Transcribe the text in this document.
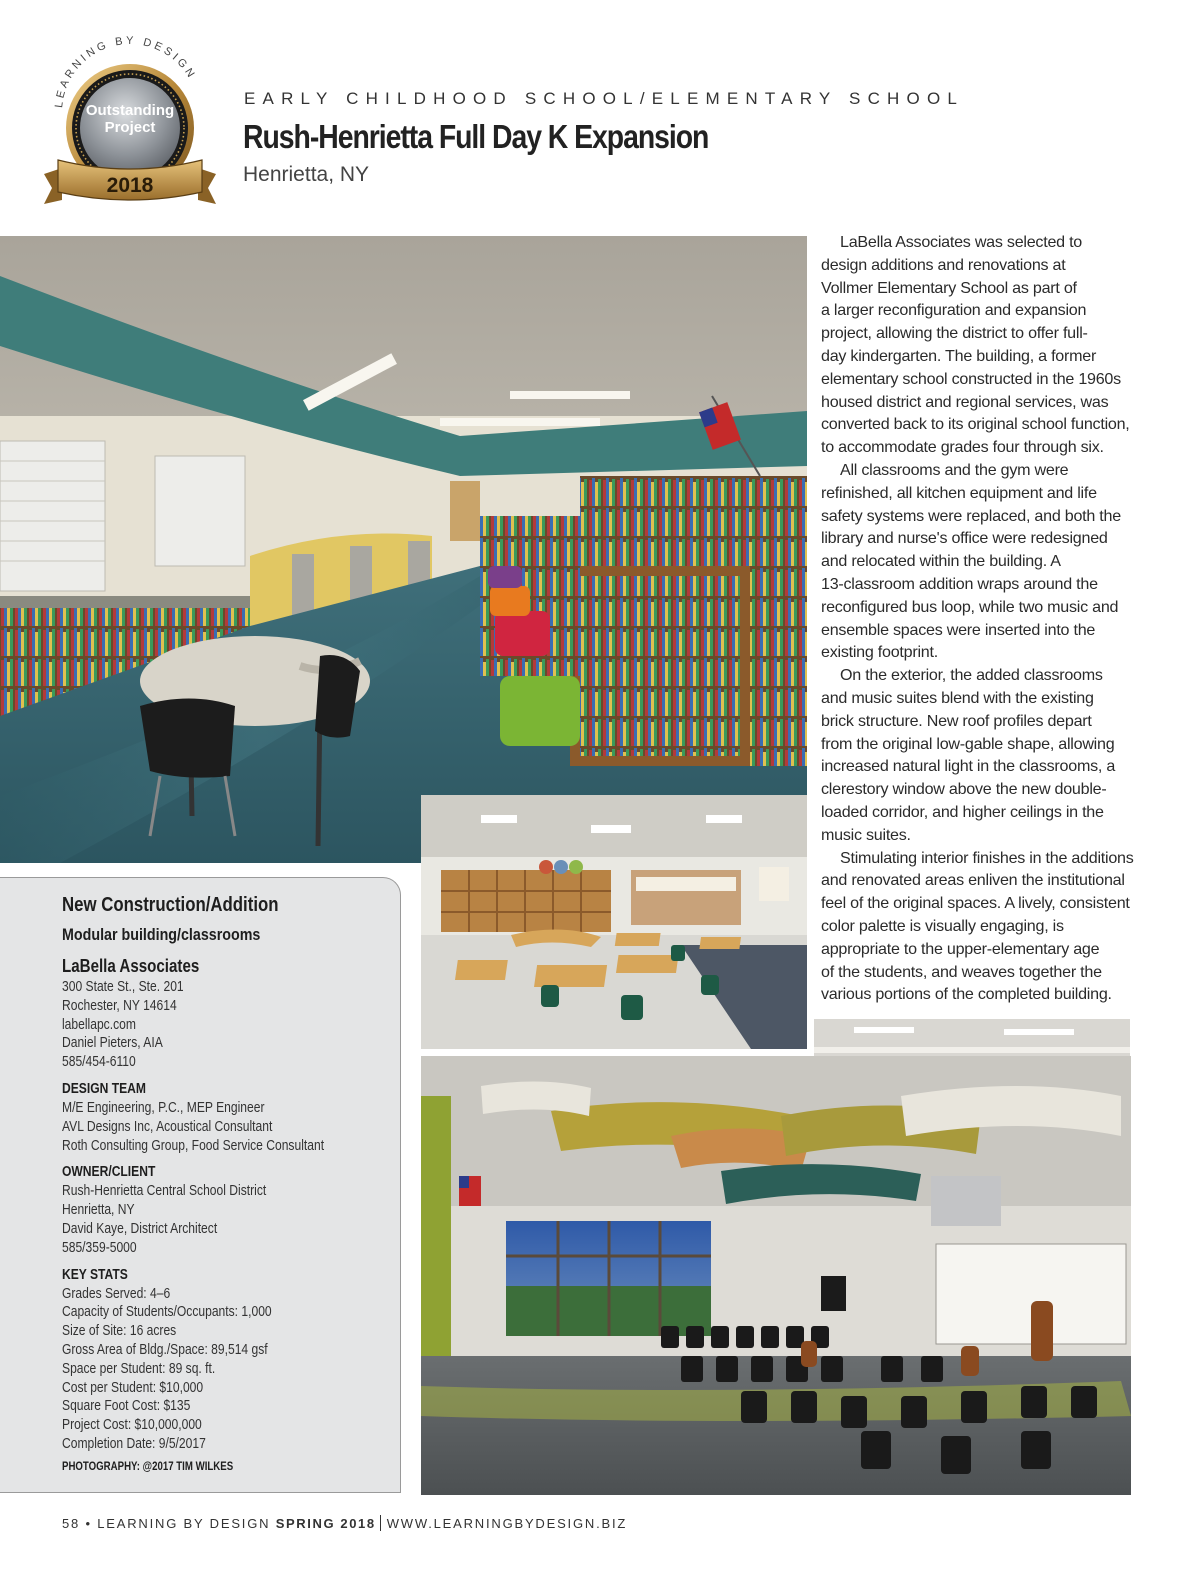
LEARNING BY DESIGN
Outstanding
Project
2018
EARLY CHILDHOOD SCHOOL/ELEMENTARY SCHOOL
Rush-Henrietta Full Day K Expansion
Henrietta, NY

LaBella Associates was selected to
design additions and renovations at
Vollmer Elementary School as part of
a larger reconfiguration and expansion
project, allowing the district to offer full-
day kindergarten. The building, a former
elementary school constructed in the 1960s
housed district and regional services, was
converted back to its original school function,
to accommodate grades four through six.

All classrooms and the gym were
refinished, all kitchen equipment and life
safety systems were replaced, and both the
library and nurse's office were redesigned
and relocated within the building. A
13-classroom addition wraps around the
reconfigured bus loop, while two music and
ensemble spaces were inserted into the
existing footprint.

On the exterior, the added classrooms
and music suites blend with the existing
brick structure. New roof profiles depart
from the original low-gable shape, allowing
increased natural light in the classrooms, a
clerestory window above the new double-
loaded corridor, and higher ceilings in the
music suites.

Stimulating interior finishes in the additions
and renovated areas enliven the institutional
feel of the original spaces. A lively, consistent
color palette is visually engaging, is
appropriate to the upper-elementary age
of the students, and weaves together the
various portions of the completed building.

New Construction/Addition
Modular building/classrooms
LaBella Associates
300 State St., Ste. 201
Rochester, NY 14614
labellapc.com
Daniel Pieters, AIA
585/454-6110
DESIGN TEAM
M/E Engineering, P.C., MEP Engineer
AVL Designs Inc, Acoustical Consultant
Roth Consulting Group, Food Service Consultant
OWNER/CLIENT
Rush-Henrietta Central School District
Henrietta, NY
David Kaye, District Architect
585/359-5000
KEY STATS
Grades Served: 4–6
Capacity of Students/Occupants: 1,000
Size of Site: 16 acres
Gross Area of Bldg./Space: 89,514 gsf
Space per Student: 89 sq. ft.
Cost per Student: $10,000
Square Foot Cost: $135
Project Cost: $10,000,000
Completion Date: 9/5/2017
PHOTOGRAPHY: @2017 TIM WILKES
58 • LEARNING BY DESIGN SPRING 2018 WWW.LEARNINGBYDESIGN.BIZ
